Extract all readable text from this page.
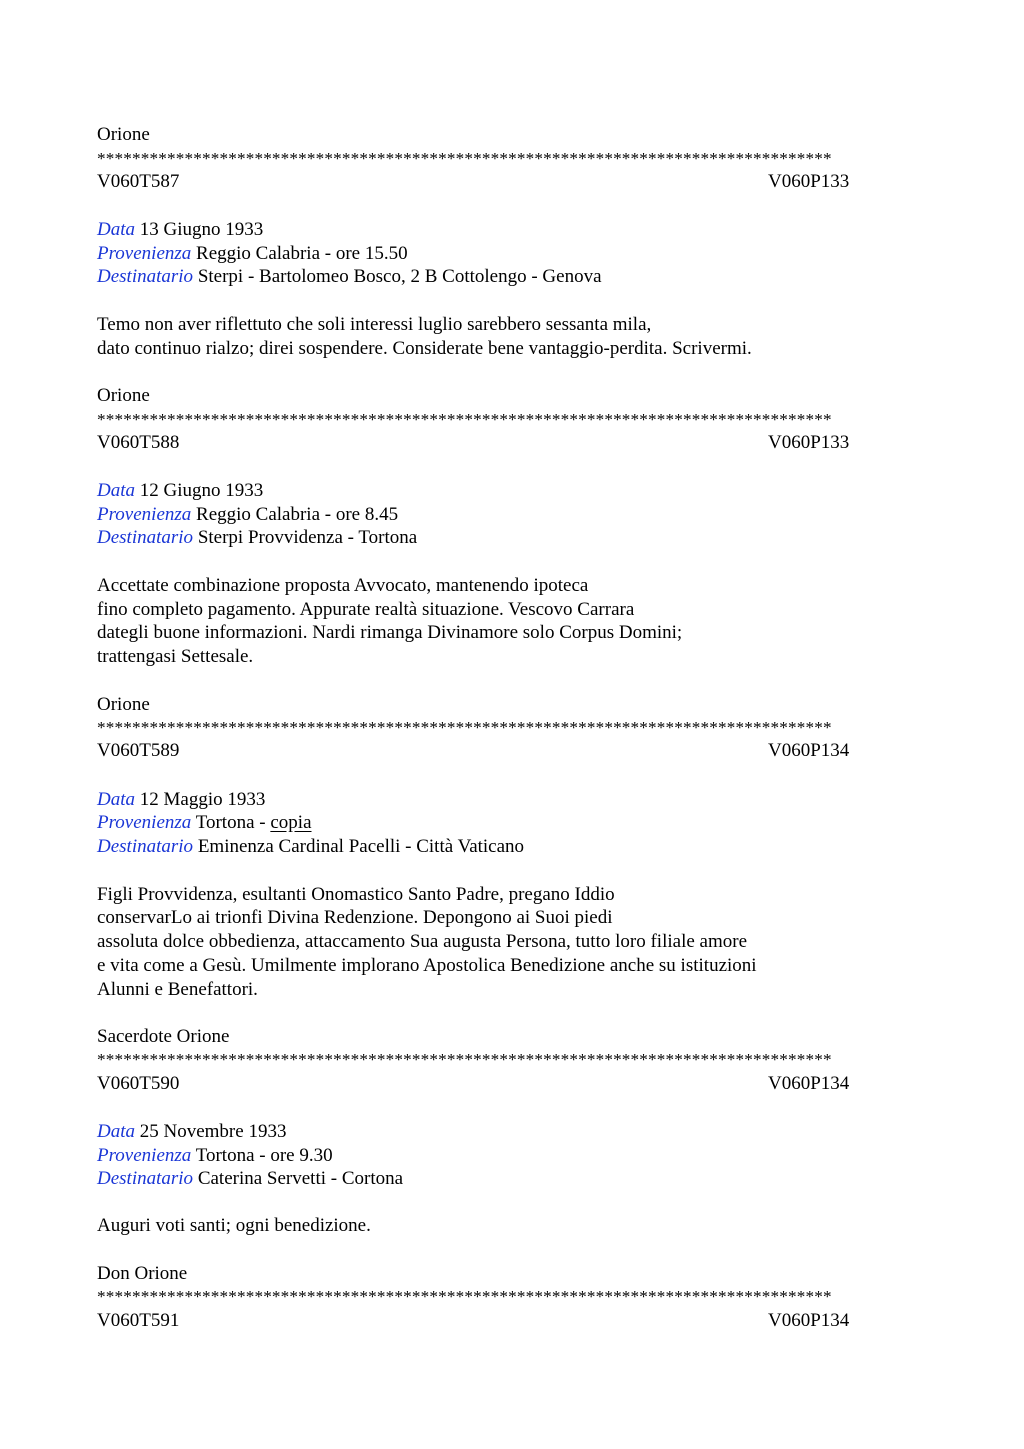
Orione
************************************************************************************
V060T587	V060P133
Data 13 Giugno 1933
Provenienza Reggio Calabria - ore 15.50
Destinatario Sterpi - Bartolomeo Bosco, 2 B Cottolengo - Genova
Temo non aver riflettuto che soli interessi luglio sarebbero sessanta mila,
dato continuo rialzo; direi sospendere. Considerate bene vantaggio-perdita. Scrivermi.
Orione
************************************************************************************
V060T588	V060P133
Data 12 Giugno 1933
Provenienza Reggio Calabria - ore 8.45
Destinatario Sterpi Provvidenza - Tortona
Accettate combinazione proposta Avvocato, mantenendo ipoteca
fino completo pagamento. Appurate realtà situazione. Vescovo Carrara
dategli buone informazioni. Nardi rimanga Divinamore solo Corpus Domini;
trattengasi Settesale.
Orione
************************************************************************************
V060T589	V060P134
Data 12 Maggio 1933
Provenienza Tortona - copia
Destinatario Eminenza Cardinal Pacelli - Città Vaticano
Figli Provvidenza, esultanti Onomastico Santo Padre, pregano Iddio
conservarLo ai trionfi Divina Redenzione. Depongono ai Suoi piedi
assoluta dolce obbedienza, attaccamento Sua augusta Persona, tutto loro filiale amore
e vita come a Gesù. Umilmente implorano Apostolica Benedizione anche su istituzioni
Alunni e Benefattori.
Sacerdote Orione
************************************************************************************
V060T590	V060P134
Data 25 Novembre 1933
Provenienza Tortona - ore 9.30
Destinatario Caterina Servetti - Cortona
Auguri voti santi; ogni benedizione.
Don Orione
************************************************************************************
V060T591	V060P134
